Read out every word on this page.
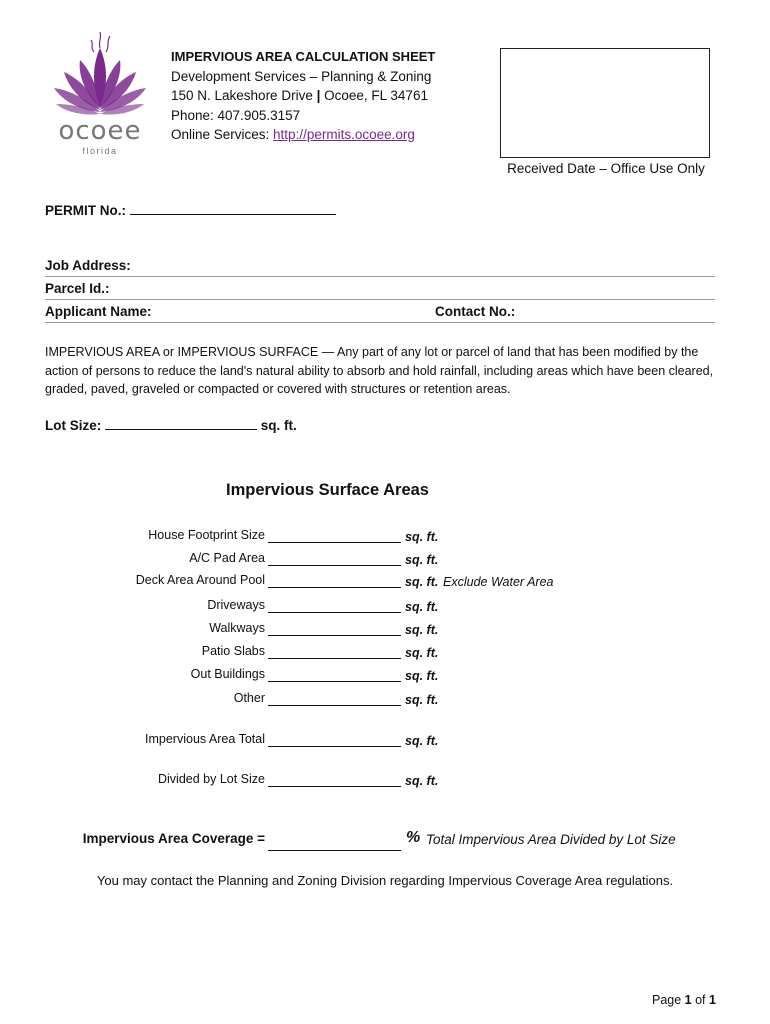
ocoee
florida
IMPERVIOUS AREA CALCULATION SHEET
Development Services – Planning & Zoning
150 N. Lakeshore Drive | Ocoee, FL 34761
Phone: 407.905.3157
Online Services: http://permits.ocoee.org
Received Date – Office Use Only
PERMIT No.:
Job Address:
Parcel Id.:
Applicant Name:	Contact No.:
IMPERVIOUS AREA or IMPERVIOUS SURFACE — Any part of any lot or parcel of land that has been modified by the action of persons to reduce the land's natural ability to absorb and hold rainfall, including areas which have been cleared, graded, paved, graveled or compacted or covered with structures or retention areas.
Lot Size:	sq. ft.
Impervious Surface Areas
House Footprint Size	sq. ft.
A/C Pad Area	sq. ft.
Deck Area Around Pool	sq. ft. Exclude Water Area
Driveways	sq. ft.
Walkways	sq. ft.
Patio Slabs	sq. ft.
Out Buildings	sq. ft.
Other	sq. ft.
Impervious Area Total	sq. ft.
Divided by Lot Size	sq. ft.
Impervious Area Coverage =	% Total Impervious Area Divided by Lot Size
You may contact the Planning and Zoning Division regarding Impervious Coverage Area regulations.
Page 1 of 1
